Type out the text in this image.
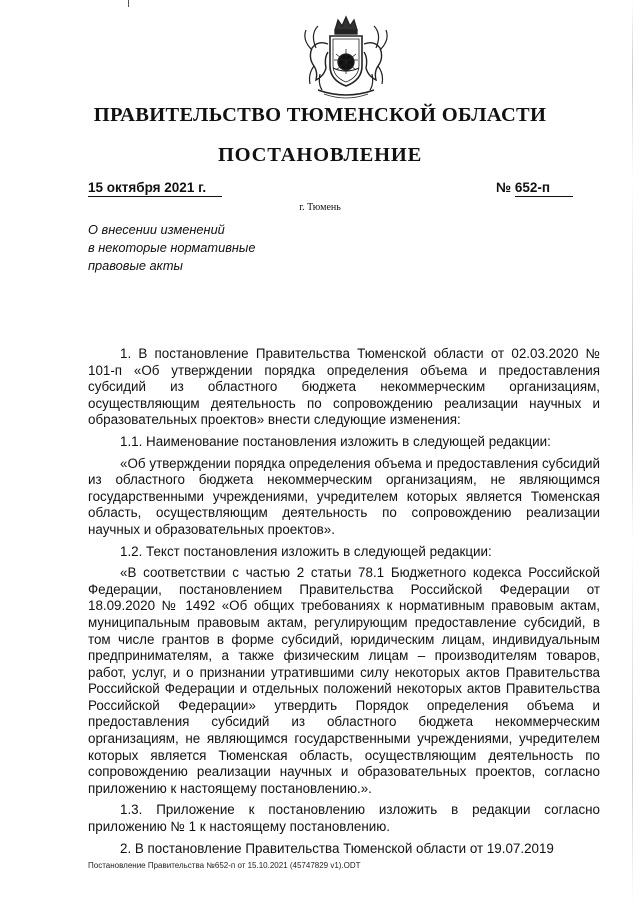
ПРАВИТЕЛЬСТВО ТЮМЕНСКОЙ ОБЛАСТИ
ПОСТАНОВЛЕНИЕ
15 октября 2021 г.	№ 652-п
г. Тюмень
О внесении изменений
в некоторые нормативные
правовые акты

1. В постановление Правительства Тюменской области от 02.03.2020 № 101-п «Об утверждении порядка определения объема и предоставления субсидий из областного бюджета некоммерческим организациям, осуществляющим деятельность по сопровождению реализации научных и образовательных проектов» внести следующие изменения:

1.1. Наименование постановления изложить в следующей редакции:

«Об утверждении порядка определения объема и предоставления субсидий из областного бюджета некоммерческим организациям, не являющимся государственными учреждениями, учредителем которых является Тюменская область, осуществляющим деятельность по сопровождению реализации научных и образовательных проектов».

1.2. Текст постановления изложить в следующей редакции:

«В соответствии с частью 2 статьи 78.1 Бюджетного кодекса Российской Федерации, постановлением Правительства Российской Федерации от 18.09.2020 № 1492 «Об общих требованиях к нормативным правовым актам, муниципальным правовым актам, регулирующим предоставление субсидий, в том числе грантов в форме субсидий, юридическим лицам, индивидуальным предпринимателям, а также физическим лицам – производителям товаров, работ, услуг, и о признании утратившими силу некоторых актов Правительства Российской Федерации и отдельных положений некоторых актов Правительства Российской Федерации» утвердить Порядок определения объема и предоставления субсидий из областного бюджета некоммерческим организациям, не являющимся государственными учреждениями, учредителем которых является Тюменская область, осуществляющим деятельность по сопровождению реализации научных и образовательных проектов, согласно приложению к настоящему постановлению.».

1.3. Приложение к постановлению изложить в редакции согласно приложению № 1 к настоящему постановлению.

2. В постановление Правительства Тюменской области от 19.07.2019

Постановление Правительства №652-п от 15.10.2021 (45747829 v1).ODT
